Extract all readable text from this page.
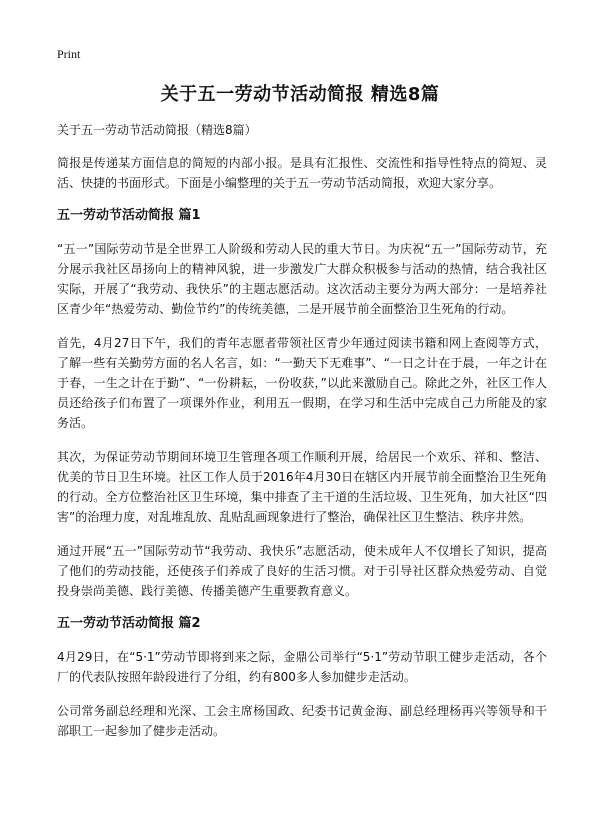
Print
关于五一劳动节活动简报 精选8篇

关于五一劳动节活动简报（精选8篇）

简报是传递某方面信息的简短的内部小报。是具有汇报性、交流性和指导性特点的简短、灵活、快捷的书面形式。下面是小编整理的关于五一劳动节活动简报，欢迎大家分享。

五一劳动节活动简报 篇1

“五一”国际劳动节是全世界工人阶级和劳动人民的重大节日。为庆祝“五一”国际劳动节，充分展示我社区昂扬向上的精神风貌，进一步激发广大群众积极参与活动的热情，结合我社区实际，开展了“我劳动、我快乐”的主题志愿活动。这次活动主要分为两大部分：一是培养社区青少年“热爱劳动、勤俭节约”的传统美德，二是开展节前全面整治卫生死角的行动。

首先，4月27日下午，我们的青年志愿者带领社区青少年通过阅读书籍和网上查阅等方式，了解一些有关勤劳方面的名人名言，如：“一勤天下无难事”、“一日之计在于晨，一年之计在于春，一生之计在于勤”、“一份耕耘，一份收获，”以此来激励自己。除此之外，社区工作人员还给孩子们布置了一项课外作业，利用五一假期，在学习和生活中完成自己力所能及的家务活。

其次，为保证劳动节期间环境卫生管理各项工作顺利开展，给居民一个欢乐、祥和、整洁、优美的节日卫生环境。社区工作人员于2016年4月30日在辖区内开展节前全面整治卫生死角的行动。全方位整治社区卫生环境，集中排查了主干道的生活垃圾、卫生死角，加大社区“四害”的治理力度，对乱堆乱放、乱贴乱画现象进行了整治，确保社区卫生整洁、秩序井然。

通过开展“五一”国际劳动节“我劳动、我快乐”志愿活动，使未成年人不仅增长了知识，提高了他们的劳动技能，还使孩子们养成了良好的生活习惯。对于引导社区群众热爱劳动、自觉投身崇尚美德、践行美德、传播美德产生重要教育意义。

五一劳动节活动简报 篇2

4月29日，在“5·1”劳动节即将到来之际，金鼎公司举行“5·1”劳动节职工健步走活动，各个厂的代表队按照年龄段进行了分组，约有800多人参加健步走活动。

公司常务副总经理和光深、工会主席杨国政、纪委书记黄金海、副总经理杨再兴等领导和干部职工一起参加了健步走活动。
